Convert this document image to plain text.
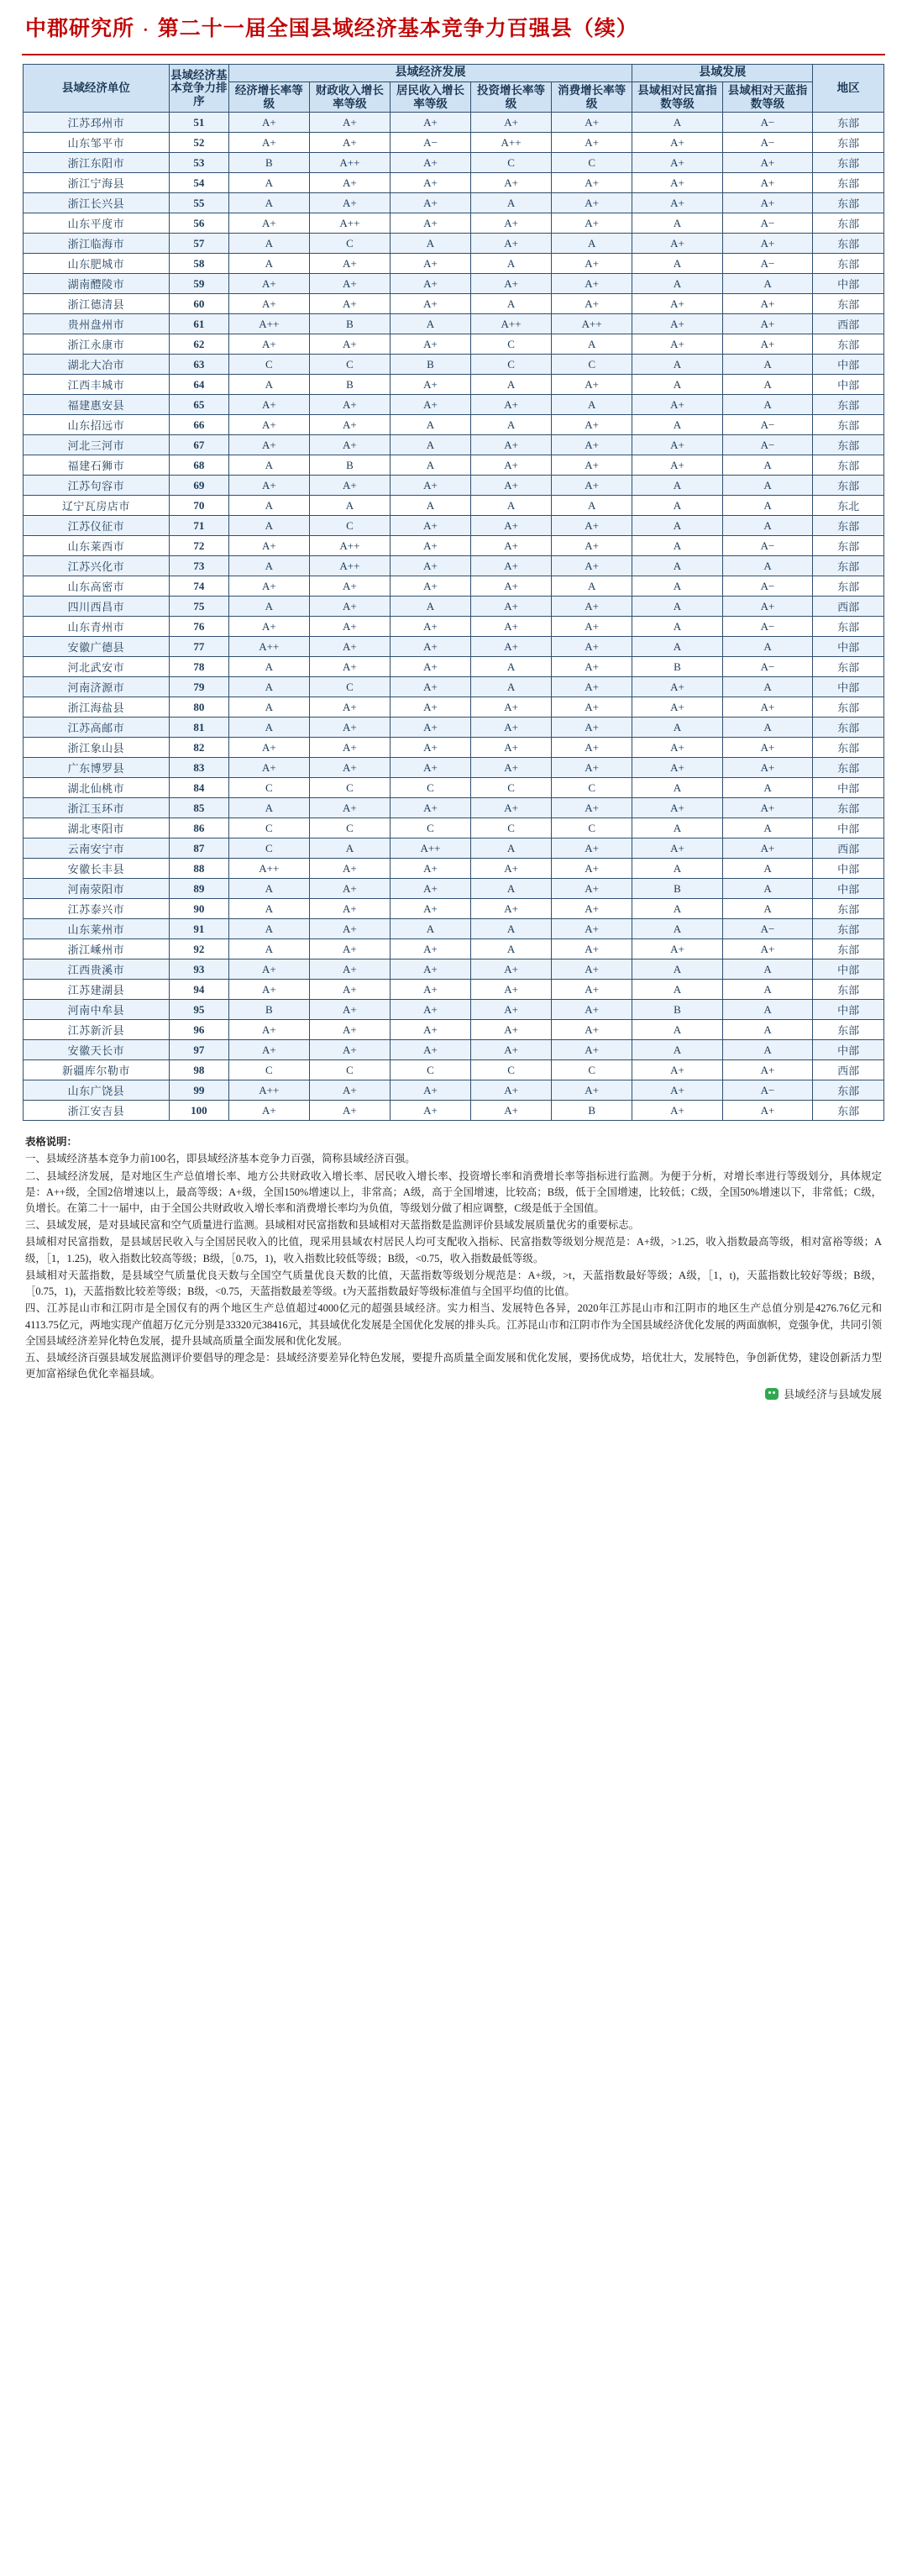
中郡研究所 · 第二十一届全国县域经济基本竞争力百强县（续）
县域经济单位	县域经济基本竞争力排序	县域经济发展					县域发展		地区
		经济增长率等级	财政收入增长率等级	居民收入增长率等级	投资增长率等级	消费增长率等级	县域相对民富指数等级	县域相对天蓝指数等级	
江苏邳州市	51	A+	A+	A+	A+	A+	A	A−	东部
山东邹平市	52	A+	A+	A−	A++	A+	A+	A−	东部
浙江东阳市	53	B	A++	A+	C	C	A+	A+	东部
浙江宁海县	54	A	A+	A+	A+	A+	A+	A+	东部
浙江长兴县	55	A	A+	A+	A	A+	A+	A+	东部
山东平度市	56	A+	A++	A+	A+	A+	A	A−	东部
浙江临海市	57	A	C	A	A+	A	A+	A+	东部
山东肥城市	58	A	A+	A+	A	A+	A	A−	东部
湖南醴陵市	59	A+	A+	A+	A+	A+	A	A	中部
浙江德清县	60	A+	A+	A+	A	A+	A+	A+	东部
贵州盘州市	61	A++	B	A	A++	A++	A+	A+	西部
浙江永康市	62	A+	A+	A+	C	A	A+	A+	东部
湖北大冶市	63	C	C	B	C	C	A	A	中部
江西丰城市	64	A	B	A+	A	A+	A	A	中部
福建惠安县	65	A+	A+	A+	A+	A	A+	A	东部
山东招远市	66	A+	A+	A	A	A+	A	A−	东部
河北三河市	67	A+	A+	A	A+	A+	A+	A−	东部
福建石狮市	68	A	B	A	A+	A+	A+	A	东部
江苏句容市	69	A+	A+	A+	A+	A+	A	A	东部
辽宁瓦房店市	70	A	A	A	A	A	A	A	东北
江苏仪征市	71	A	C	A+	A+	A+	A	A	东部
山东莱西市	72	A+	A++	A+	A+	A+	A	A−	东部
江苏兴化市	73	A	A++	A+	A+	A+	A	A	东部
山东高密市	74	A+	A+	A+	A+	A	A	A−	东部
四川西昌市	75	A	A+	A	A+	A+	A	A+	西部
山东青州市	76	A+	A+	A+	A+	A+	A	A−	东部
安徽广德县	77	A++	A+	A+	A+	A+	A	A	中部
河北武安市	78	A	A+	A+	A	A+	B	A−	东部
河南济源市	79	A	C	A+	A	A+	A+	A	中部
浙江海盐县	80	A	A+	A+	A+	A+	A+	A+	东部
江苏高邮市	81	A	A+	A+	A+	A+	A	A	东部
浙江象山县	82	A+	A+	A+	A+	A+	A+	A+	东部
广东博罗县	83	A+	A+	A+	A+	A+	A+	A+	东部
湖北仙桃市	84	C	C	C	C	C	A	A	中部
浙江玉环市	85	A	A+	A+	A+	A+	A+	A+	东部
湖北枣阳市	86	C	C	C	C	C	A	A	中部
云南安宁市	87	C	A	A++	A	A+	A+	A+	西部
安徽长丰县	88	A++	A+	A+	A+	A+	A	A	中部
河南荥阳市	89	A	A+	A+	A	A+	B	A	中部
江苏泰兴市	90	A	A+	A+	A+	A+	A	A	东部
山东莱州市	91	A	A+	A	A	A+	A	A−	东部
浙江嵊州市	92	A	A+	A+	A	A+	A+	A+	东部
江西贵溪市	93	A+	A+	A+	A+	A+	A	A	中部
江苏建湖县	94	A+	A+	A+	A+	A+	A	A	东部
河南中牟县	95	B	A+	A+	A+	A+	B	A	中部
江苏新沂县	96	A+	A+	A+	A+	A+	A	A	东部
安徽天长市	97	A+	A+	A+	A+	A+	A	A	中部
新疆库尔勒市	98	C	C	C	C	C	A+	A+	西部
山东广饶县	99	A++	A+	A+	A+	A+	A+	A−	东部
浙江安吉县	100	A+	A+	A+	A+	B	A+	A+	东部

表格说明：

一、县域经济基本竞争力前100名，即县域经济基本竞争力百强，简称县域经济百强。

二、县域经济发展，是对地区生产总值增长率、地方公共财政收入增长率、居民收入增长率、投资增长率和消费增长率等指标进行监测。为便于分析，对增长率进行等级划分，具体规定是：A++级，全国2倍增速以上，最高等级；A+级，全国150%增速以上，非常高；A级，高于全国增速，比较高；B级，低于全国增速，比较低；C级，全国50%增速以下，非常低；C级，负增长。在第二十一届中，由于全国公共财政收入增长率和消费增长率均为负值，等级划分做了相应调整，C级是低于全国值。

三、县域发展，是对县域民富和空气质量进行监测。县域相对民富指数和县域相对天蓝指数是监测评价县域发展质量优劣的重要标志。

县域相对民富指数，是县域居民收入与全国居民收入的比值，现采用县域农村居民人均可支配收入指标、民富指数等级划分规范是：A+级，>1.25，收入指数最高等级，相对富裕等级；A级，［1，1.25)，收入指数比较高等级；B级，［0.75，1)，收入指数比较低等级；B级，<0.75，收入指数最低等级。

县域相对天蓝指数，是县域空气质量优良天数与全国空气质量优良天数的比值，天蓝指数等级划分规范是：A+级，>t，天蓝指数最好等级；A级，［1，t)，天蓝指数比较好等级；B级，［0.75，1)，天蓝指数比较差等级；B级，<0.75，天蓝指数最差等级。t为天蓝指数最好等级标准值与全国平均值的比值。

四、江苏昆山市和江阴市是全国仅有的两个地区生产总值超过4000亿元的超强县域经济。实力相当、发展特色各异，2020年江苏昆山市和江阴市的地区生产总值分别是4276.76亿元和4113.75亿元，两地实现产值超万亿元分别是33320元38416元，其县域优化发展是全国优化发展的排头兵。江苏昆山市和江阴市作为全国县域经济优化发展的两面旗帜，竞强争优，共同引领全国县域经济差异化特色发展，提升县域高质量全面发展和优化发展。

五、县域经济百强县域发展监测评价要倡导的理念是：县域经济要差异化特色发展，要提升高质量全面发展和优化发展，要扬优成势，培优壮大，发展特色，争创新优势，建设创新活力型更加富裕绿色优化幸福县域。

县域经济与县域发展
